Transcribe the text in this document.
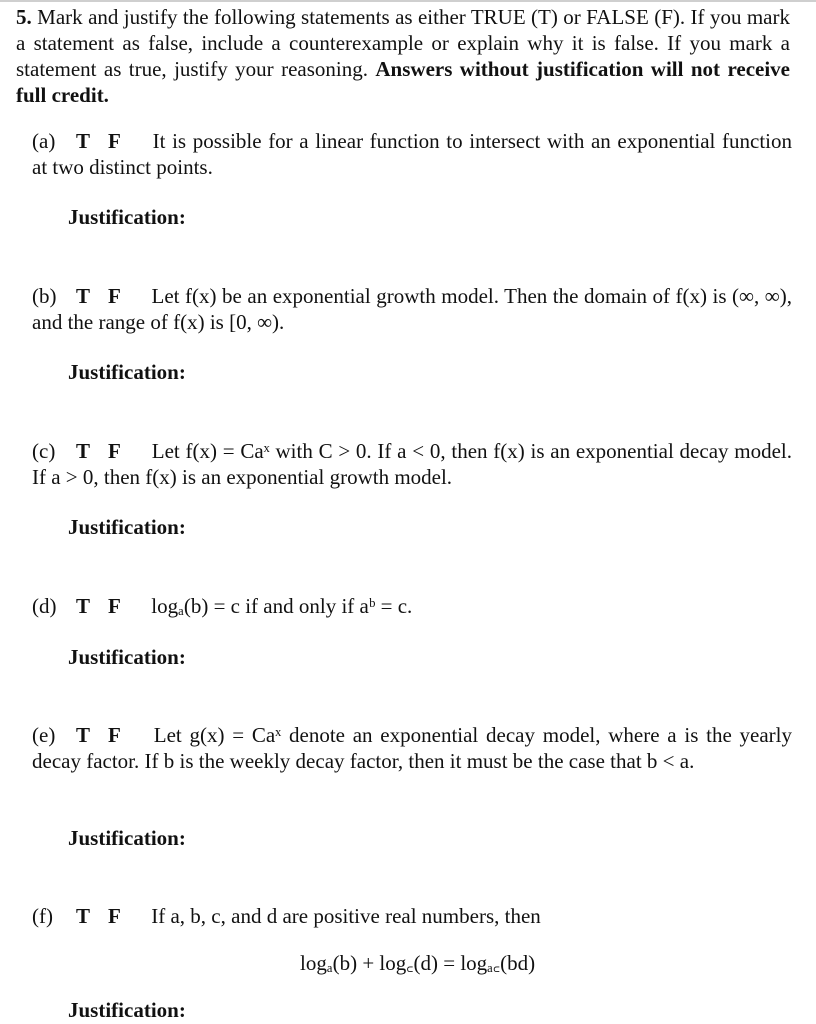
5. Mark and justify the following statements as either TRUE (T) or FALSE (F). If you mark a statement as false, include a counterexample or explain why it is false. If you mark a statement as true, justify your reasoning. Answers without justification will not receive full credit.
(a) T F It is possible for a linear function to intersect with an exponential function at two distinct points.
Justification:
(b) T F Let f(x) be an exponential growth model. Then the domain of f(x) is (∞, ∞), and the range of f(x) is [0, ∞).
Justification:
(c) T F Let f(x) = Caˣ with C > 0. If a < 0, then f(x) is an exponential decay model. If a > 0, then f(x) is an exponential growth model.
Justification:
(d) T F logₐ(b) = c if and only if aᵇ = c.
Justification:
(e) T F Let g(x) = Caˣ denote an exponential decay model, where a is the yearly decay factor. If b is the weekly decay factor, then it must be the case that b < a.
Justification:
(f) T F If a, b, c, and d are positive real numbers, then
logₐ(b) + log꜀(d) = logₐ꜀(bd)
Justification:
